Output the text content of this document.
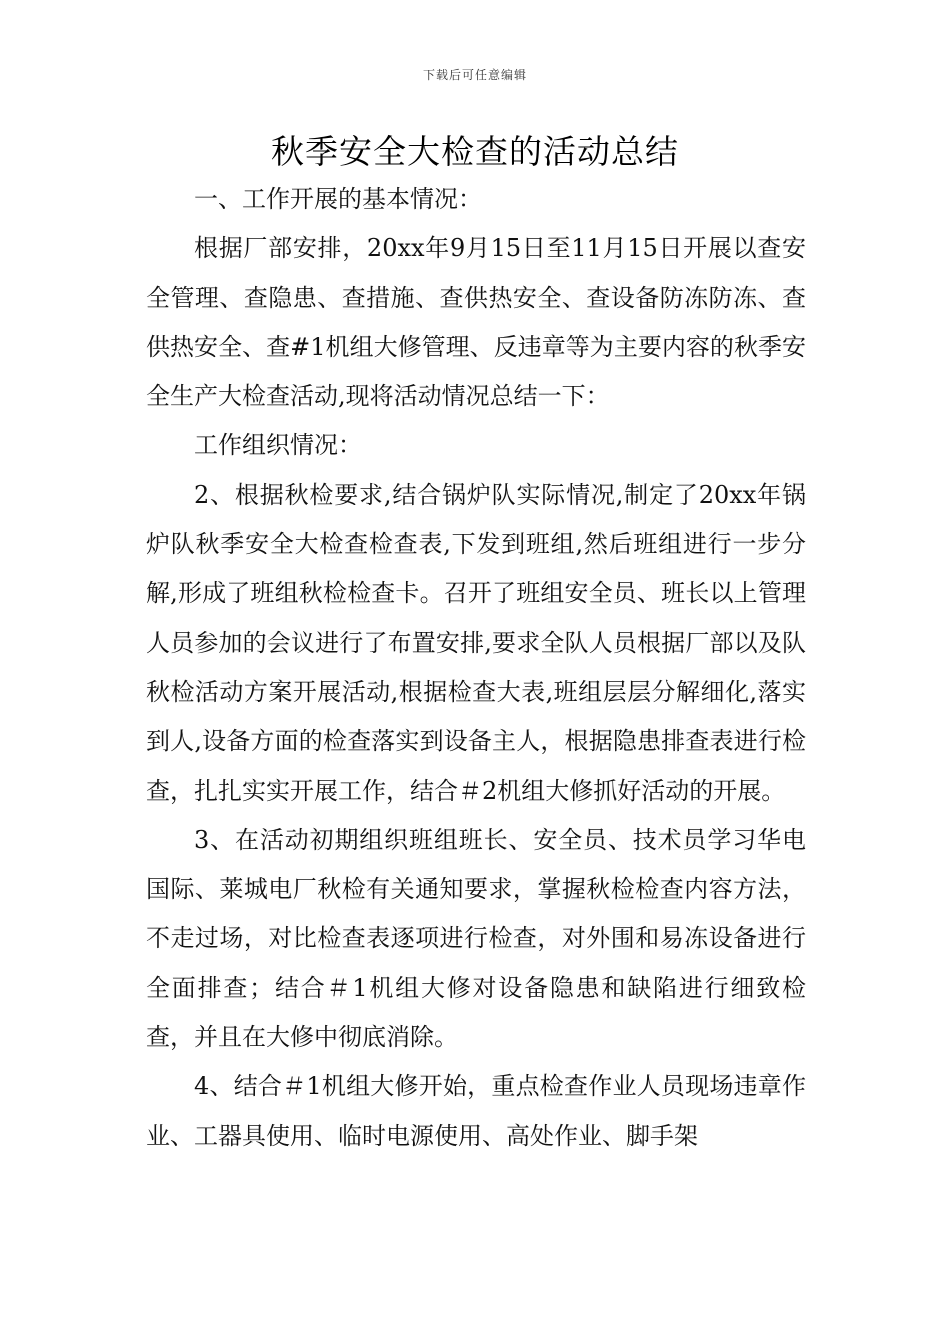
下载后可任意编辑
秋季安全大检查的活动总结

一、工作开展的基本情况：

根据厂部安排，20xx年9月15日至11月15日开展以查安全管理、查隐患、查措施、查供热安全、查设备防冻防冻、查供热安全、查#1机组大修管理、反违章等为主要内容的秋季安全生产大检查活动,现将活动情况总结一下：

工作组织情况：

2、根据秋检要求,结合锅炉队实际情况,制定了20xx年锅炉队秋季安全大检查检查表,下发到班组,然后班组进行一步分解,形成了班组秋检检查卡。召开了班组安全员、班长以上管理人员参加的会议进行了布置安排,要求全队人员根据厂部以及队秋检活动方案开展活动,根据检查大表,班组层层分解细化,落实到人,设备方面的检查落实到设备主人，根据隐患排查表进行检查，扎扎实实开展工作，结合＃2机组大修抓好活动的开展。

3、在活动初期组织班组班长、安全员、技术员学习华电国际、莱城电厂秋检有关通知要求，掌握秋检检查内容方法，不走过场，对比检查表逐项进行检查，对外围和易冻设备进行全面排查；结合＃1机组大修对设备隐患和缺陷进行细致检查，并且在大修中彻底消除。

4、结合＃1机组大修开始，重点检查作业人员现场违章作业、工器具使用、临时电源使用、高处作业、脚手架
